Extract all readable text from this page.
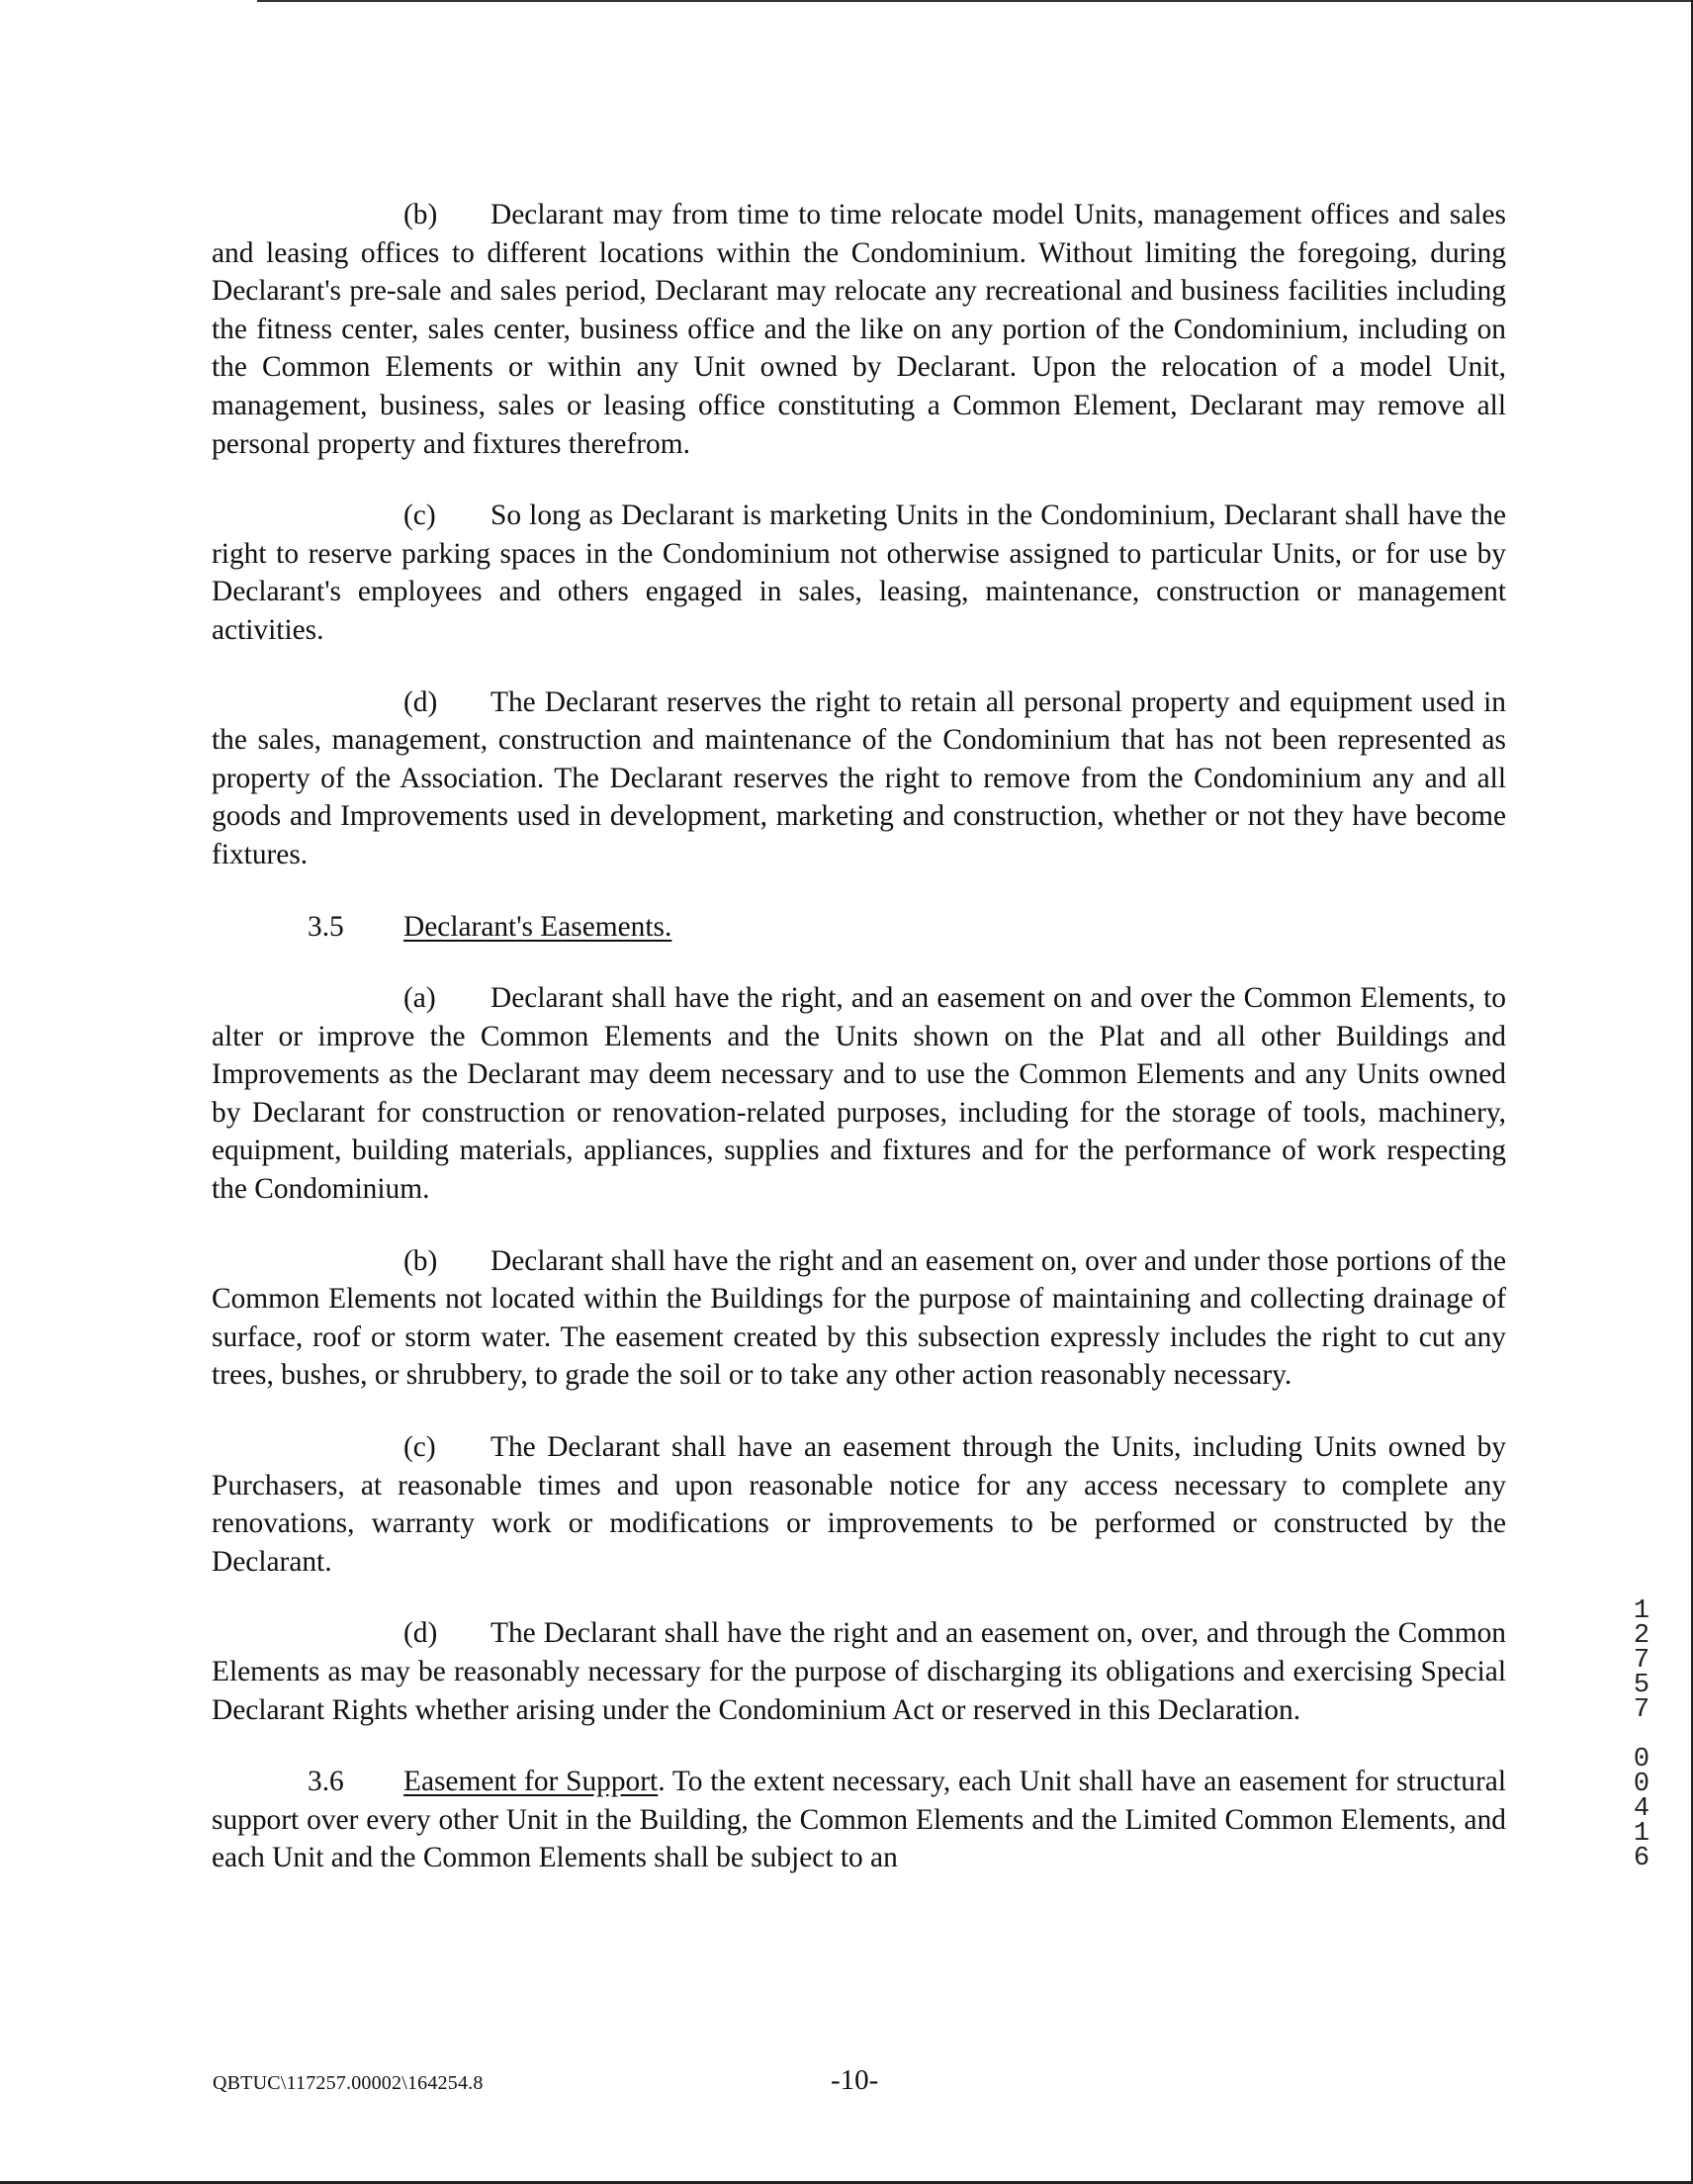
(b) Declarant may from time to time relocate model Units, management offices and sales and leasing offices to different locations within the Condominium. Without limiting the foregoing, during Declarant's pre-sale and sales period, Declarant may relocate any recreational and business facilities including the fitness center, sales center, business office and the like on any portion of the Condominium, including on the Common Elements or within any Unit owned by Declarant. Upon the relocation of a model Unit, management, business, sales or leasing office constituting a Common Element, Declarant may remove all personal property and fixtures therefrom.

(c) So long as Declarant is marketing Units in the Condominium, Declarant shall have the right to reserve parking spaces in the Condominium not otherwise assigned to particular Units, or for use by Declarant's employees and others engaged in sales, leasing, maintenance, construction or management activities.

(d) The Declarant reserves the right to retain all personal property and equipment used in the sales, management, construction and maintenance of the Condominium that has not been represented as property of the Association. The Declarant reserves the right to remove from the Condominium any and all goods and Improvements used in development, marketing and construction, whether or not they have become fixtures.

3.5 Declarant's Easements.

(a) Declarant shall have the right, and an easement on and over the Common Elements, to alter or improve the Common Elements and the Units shown on the Plat and all other Buildings and Improvements as the Declarant may deem necessary and to use the Common Elements and any Units owned by Declarant for construction or renovation-related purposes, including for the storage of tools, machinery, equipment, building materials, appliances, supplies and fixtures and for the performance of work respecting the Condominium.

(b) Declarant shall have the right and an easement on, over and under those portions of the Common Elements not located within the Buildings for the purpose of maintaining and collecting drainage of surface, roof or storm water. The easement created by this subsection expressly includes the right to cut any trees, bushes, or shrubbery, to grade the soil or to take any other action reasonably necessary.

(c) The Declarant shall have an easement through the Units, including Units owned by Purchasers, at reasonable times and upon reasonable notice for any access necessary to complete any renovations, warranty work or modifications or improvements to be performed or constructed by the Declarant.

(d) The Declarant shall have the right and an easement on, over, and through the Common Elements as may be reasonably necessary for the purpose of discharging its obligations and exercising Special Declarant Rights whether arising under the Condominium Act or reserved in this Declaration.

3.6 Easement for Support. To the extent necessary, each Unit shall have an easement for structural support over every other Unit in the Building, the Common Elements and the Limited Common Elements, and each Unit and the Common Elements shall be subject to an

1
2
7
5
7

0
0
4
1
6
QBTUC\117257.00002\164254.8	-10-
